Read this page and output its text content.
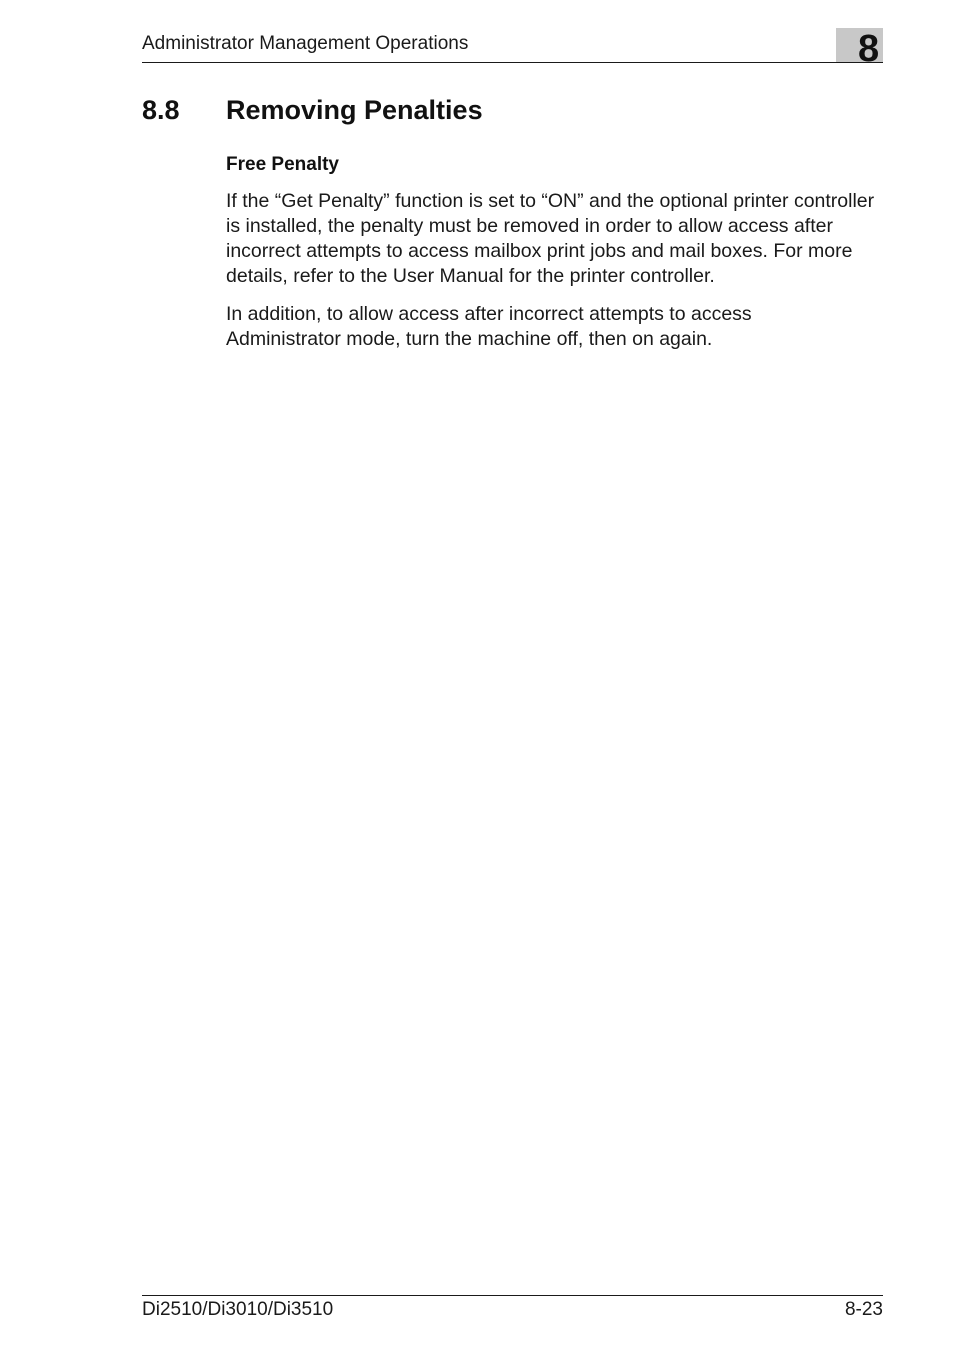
Administrator Management Operations	8
8.8 Removing Penalties
Free Penalty

If the “Get Penalty” function is set to “ON” and the optional printer controller is installed, the penalty must be removed in order to allow access after incorrect attempts to access mailbox print jobs and mail boxes. For more details, refer to the User Manual for the printer controller.

In addition, to allow access after incorrect attempts to access Administrator mode, turn the machine off, then on again.

Di2510/Di3010/Di3510	8-23
